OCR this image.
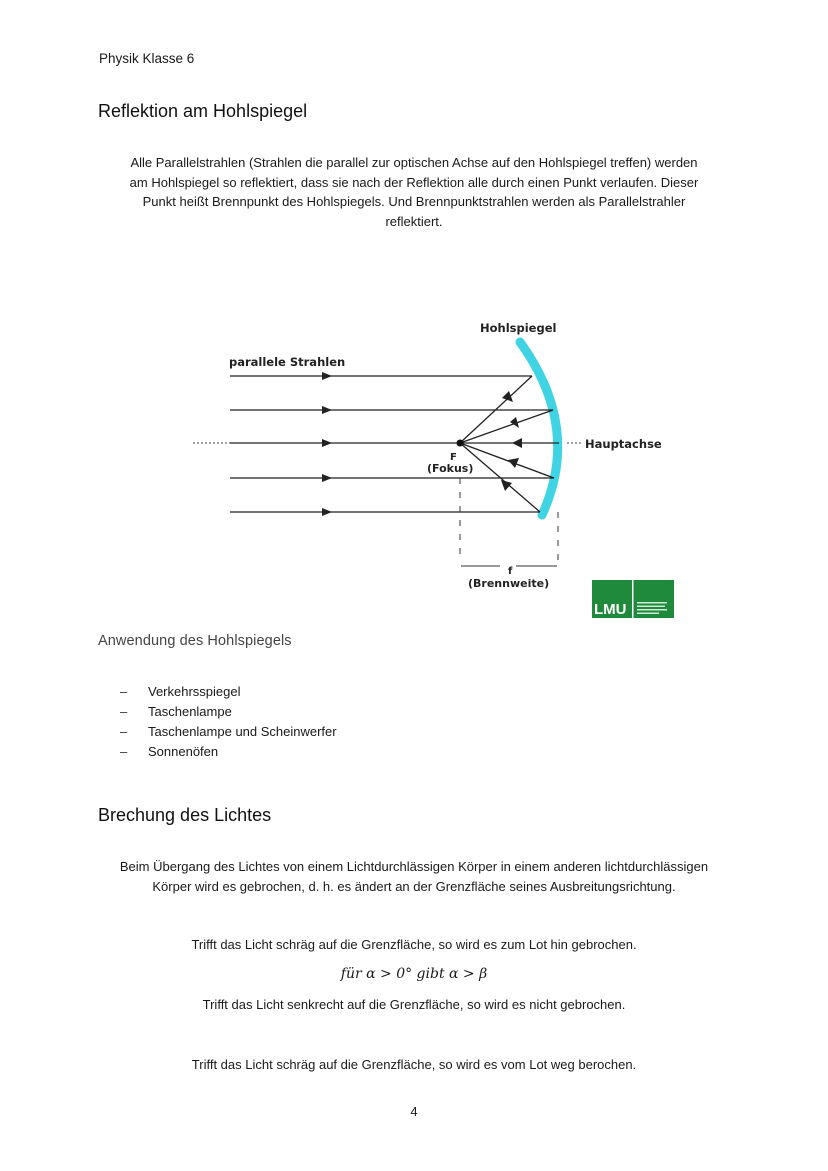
Physik Klasse 6
Reflektion am Hohlspiegel
Alle Parallelstrahlen (Strahlen die parallel zur optischen Achse auf den Hohlspiegel treffen) werden
am Hohlspiegel so reflektiert, dass sie nach der Reflektion alle durch einen Punkt verlaufen. Dieser
Punkt heißt Brennpunkt des Hohlspiegels. Und Brennpunktstrahlen werden als Parallelstrahler
reflektiert.
Hohlspiegel
parallele Strahlen
Hauptachse
F
(Fokus)
f
(Brennweite)
LMU
Anwendung des Hohlspiegels
–	Verkehrsspiegel
–	Taschenlampe
–	Taschenlampe und Scheinwerfer
–	Sonnenöfen
Brechung des Lichtes
Beim Übergang des Lichtes von einem Lichtdurchlässigen Körper in einem anderen lichtdurchlässigen
Körper wird es gebrochen, d. h. es ändert an der Grenzfläche seines Ausbreitungsrichtung.
Trifft das Licht schräg auf die Grenzfläche, so wird es zum Lot hin gebrochen.
für α > 0° gibt α > β
Trifft das Licht senkrecht auf die Grenzfläche, so wird es nicht gebrochen.
Trifft das Licht schräg auf die Grenzfläche, so wird es vom Lot weg berochen.
4
